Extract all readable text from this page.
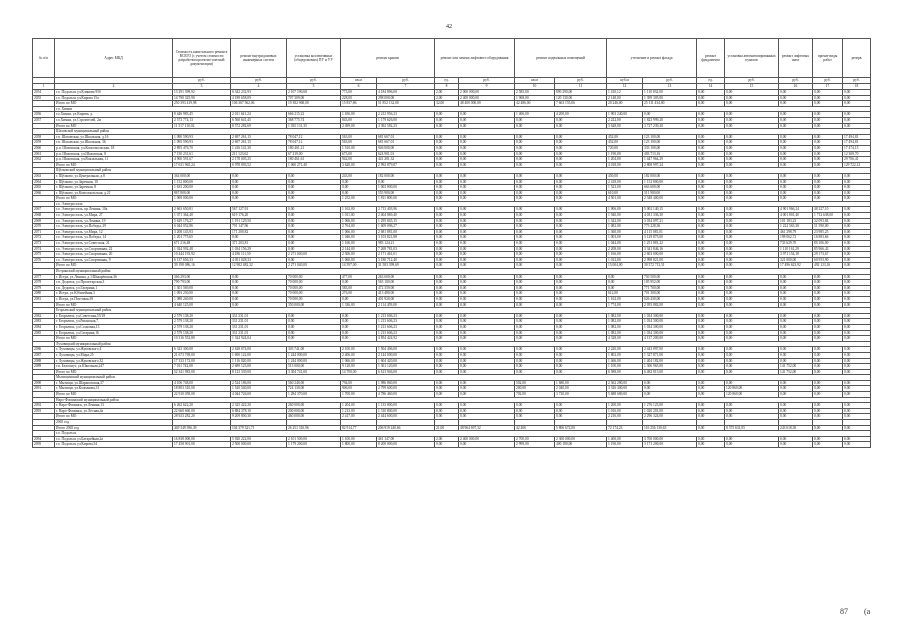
42
№ п/п	Адрес МКД	Стоимость капитального ремонта ВСЕГО (с учетом стоимости разработки проектно-сметной документации)	ремонт внутридомовых инженерных систем	установка коллективных (общедомовых) ПУ и УУ	ремонт крыши		ремонт или замена лифтового оборудования		ремонт подвальных помещений		утепление и ремонт фасада		ремонт фундамента	установка автоматизированных пунктов	ремонт лифтовых шахт	прочие виды работ	резерв
		руб.	руб.	руб.	кв.м	руб.	ед.	руб.	кв.м	руб.	куб.м	руб.	ед.	руб.	руб.	руб.	руб.
1	2	3	4	5	6	7	8	9	10	11	12	13	14	15	16	17	18
2054	г.о. Подольск ул.Клинова 95б	13 291 399,92	6 342 232,93	2 107 190,68	773,00	4 184 896,00	2,00	2 000 000,00	2 585,00	890 290,00	1 410,12	1 110 832,00	0,00	0,00	0,00	0,00	0,00
2055	г.о. Подольск ул.Кирова 15а	14 790 325,90	4 189 658,09	707 309,00	228,00	298 000,00	2,00	2 400 000,00	1 968,00	120 130,00	2 148,00	1 399 305,00	0,00	0,00	0,00	0,00	0,00
	Итого по МО	250 393 419,98	106 367 562,06	19 382 968,00	15 837,86	51 852 132,00	32,00	48 400 000,00	42 486,00	7 663 155,06	20 246,00	25 111 434,00	0,00	0,00	0,00	0,00	0,00
	г.о. Химки																
2056	г.о.Химки, ул.Кирова, д.	8 446 983,45	2 011 641,24	666 215,22	1 656,00	2 212 956,23	0,00	0,00	1 406,00	4 200,00	1 903 240,00	0,00	0,00	0,00	0,00	0,00	0,00
2057	г.о.Химки, ул.Строителей, 2м	2 573 774,13	6 560 641,45	368 775,74	843,00	1 179 626,00	0,00	0,00	0,00	0,00	2 222,00	1 823 999,20	0,00	0,00	0,00	0,00	0,00
	Итого по МО	11 517 110,02	8 572 282,69	1 035 131,35	2 499,00	3 392 582,23	0,00	0,00	0,00	0,00	3 628,00	3 727 239,20	0,00	0,00	0,00	0,00	0,00
	Шаховской муниципальный район																
2058	г.п. Шаховская, ул.Школьная, д.16	1 090 590,93	2 697 261,15	78 047,12	563,00	681 667,01	0,00	0,00	0,00	0,00	452,00	123 100,00	0,00	0,00	0,00	0,00	17 494,81
2059	г.п. Шаховская, ул.Школьная, 36	1 095 590,93	2 697 261,15	78 047,12	563,00	681 667,01	0,00	0,00	0,00	0,00	452,00	123 100,00	0,00	0,00	0,00	0,00	17 494,81
2060	р.п. Шаховская, ул.Комсомольская, 18	2 893 476,70	1 416 141,30	180 461,21	1 510,00	946 000,00	0,00	0,00	0,00	0,00	720,00	333 100,00	0,00	0,00	0,00	0,00	17 474,15
2061	р.п. Шаховская, ул.Шаховская, 8	7 150 231,61	211 123,62	67 219,00	673,00	624 901,01	0,00	0,00	0,00	0,00	1 190,00	403 713,16	0,00	0,00	0,00	0,00	12 369,70
2062	р.п. Шаховская, ул.Вокзальная, 11	4 900 591,67	2 178 005,25	180 461,61	942,00	441 281,32	0,00	0,00	0,00	0,00	1 204,00	1 447 964,29	0,00	0,00	0,00	0,00	29 706,41
	Итого по МО	17 631 965,24	6 978 093,52	1 060 271,40	3 620,00	2 992 879,87	0,00	0,00	0,00	0,00	4 018,00	2 808 997,24	0,00	0,00	0,00	0,00	129 722,12
	Щёлковский муниципальный район																
2063	г. Щёлково, ул.Центральная, д.8	364 000,00	0,00	0,00	243,00	182 000,00	0,00	0,00	0,00	0,00	450,00	182 000,00	0,00	0,00	0,00	0,00	0,00
2064	г. Щёлково, ул.Заречная, 10	1 152 800,00	0,00	0,00	0,00	0,00	0,00	0,00	0,00	0,00	2 418,00	1 152 800,00	0,00	0,00	0,00	0,00	0,00
2065	г. Щёлково, ул.Заречная, 8	1 633 200,00	0,00	0,00	0,00	1 063 800,00	0,00	0,00	0,00	0,00	1 523,00	663 600,00	0,00	0,00	0,00	0,00	0,00
2066	г. Щёлково, ул.Комсомольская, д.21	867 800,00	0,00	0,00	0,00	555 900,00	0,00	0,00	0,00	0,00	610,00	311 900,00	0,00	0,00	0,00	0,00	0,00
	Итого по МО	1 069 000,00	0,00	0,00	1 252,00	1 811 800,00	0,00	0,00	0,00	0,00	4 501,00	2 348 400,00	0,00	0,00	0,00	0,00	0,00
	г.о. Электросталь																
2067	г.о. Электросталь, пр.Ленина, 10а	2 663 650,81	567 127,91	0,00	1 162,00	2 713 403,96	0,00	0,00	0,00	0,00	1 906,00	5 002 140,15	0,00	0,00	4 901 966,24	48 227,10	0,00
2068	г.о. Электросталь, ул.Мира, 27	1 071 364,40	619 176,20	0,00	1 011,00	2 404 869,40	0,00	0,00	0,00	0,00	1 940,00	4 031 336,30	0,00	0,00	4 001 801,40	1 712 638,00	0,00
2069	г.о. Электросталь, ул.Ленина, 19	5 629 176,27	1 191 129,50	0,00	1 066,00	1 295 845,15	0,00	0,00	0,00	0,00	1 342,00	3 034 097,21	0,00	0,00	101 183,23	32 093,84	0,00
2070	г.о. Электросталь, ул.Победы, 29	6 044 052,86	791 147,96	0,00	2 764,00	1 609 096,27	0,00	0,00	0,00	0,00	1 082,00	773 228,36	0,00	0,00	1 222 563,30	51 590,00	0,00
2071	г.о. Электросталь, ул.Мира, 12	3 208 143,93	171 200,82	0,00	1 066,00	2 681 881,00	0,00	0,00	0,00	0,00	1 360,00	4 115 081,01	0,00	0,00	461 298,79	23 985,25	0,00
2072	г.о. Электросталь, ул.Победы, 14	1 201 775,65	0,00	0,00	1 046,00	3 103 821,88	0,00	0,00	0,00	0,00	1 003,00	3 129 875,00	0,00	0,00	198 062,72	16 883,66	0,00
2073	г.о. Электросталь, ул.Советская, 21	671 216,48	371 203,81	0,00	1 166,00	983 124,21	0,00	0,00	0,00	0,00	1 044,00	1 251 881,22	0,00	0,00	733 629,70	80 106,00	0,00
2074	г.о. Электросталь, ул.Спортивная, 22	1 024 592,48	1 034 156,29	0,00	2 144,00	7 269 781,03	0,00	0,00	0,00	0,00	2 208,00	3 341 846,16	0,00	0,00	1 110 161,29	85 966,43	0,00
2075	г.о. Электросталь, ул.Спортивная, 20	10 444 193,92	4 186 111,50	2 271 040,00	2 306,00	2 171 461,01	0,00	0,00	0,00	0,00	1 166,00	2 603 000,00	0,00	0,00	3 971 154,18	29 173,67	0,00
2076	г.о. Электросталь, ул.Спортивная, 9	6 137 656,33	4 051 028,33	0,00	1 060,00	3 180 712,40	0,00	0,00	0,00	0,00	1 012,00	2 998 821,00	0,00	0,00	321 000,00	60 953,90	0,00
	Итого по МО	39 198 086,16	12 982 482,32	2 271 040,00	14 597,00	31 583 399,69	0,00	0,00	0,00	0,00	15 004,00	30 572 713,51	0,00	0,00	17 496 623,92	492 123,16	0,00
	Истринский муниципальный район																
2077	г. Истра, ул.Ленина, д.1/Шнырёвская,36	366 293,00	0,00	70 000,00	477,00	263 600,00	0,00	0,00	0,00	0,00	0,00	750 500,00	0,00	0,00	0,00	0,00	0,00
2078	г.п. Дедовск, ул.Пролетарская,3	790 793,00	0,00	70 000,00	0,00	563 100,00	0,00	0,00	0,00	0,00	0,00	105 952,00	0,00	0,00	0,00	0,00	0,00
2079	г.п. Дедовск, ул.Гагарина,1	1 301 569,00	0,00	70 000,00	583,00	472 359,00	0,00	0,00	0,00	0,00	0,00	771 700,00	0,00	0,00	0,00	0,00	0,00
2080	г. Истра, ул.Юбилейная,3	1 093 230,00	0,00	70 000,00	276,00	413 480,00	0,00	0,00	0,00	0,00	612,00	701 300,00	0,00	0,00	0,00	0,00	0,00
2081	г. Истра, ул.Почтовая,38	1 088 240,00	0,00	70 000,00	0,00	401 920,00	0,00	0,00	0,00	0,00	1 162,00	626 430,00	0,00	0,00	0,00	0,00	0,00
	Итого по МО	4 640 125,00	0,00	350 000,00	1 336,00	2 114 459,00	0,00	0,00	0,00	0,00	1 774,00	2 955 882,00	0,00	0,00	0,00	0,00	0,00
	Егорьевский муниципальный район																
2082	г. Егорьевск, ул.Советская,55/18	2 579 138,20	331 231,01	0,00	0,00	1 213 606,23	0,00	0,00	0,00	0,00	1 082,00	1 034 300,00	0,00	0,00	0,00	0,00	0,00
2083	г. Егорьевск, ул.Рязанская,7	2 579 138,20	331 231,01	0,00	0,00	1 213 606,23	0,00	0,00	0,00	0,00	1 082,00	1 034 300,00	0,00	0,00	0,00	0,00	0,00
2084	г. Егорьевск, ул.Сосновая,13	2 579 138,20	331 231,01	0,00	0,00	1 213 606,23	0,00	0,00	0,00	0,00	1 082,00	1 034 300,00	0,00	0,00	0,00	0,00	0,00
2085	г. Егорьевск, ул.Гагарина,16	2 579 138,20	331 231,01	0,00	0,00	1 213 606,23	0,00	0,00	0,00	0,00	1 082,00	1 034 300,00	0,00	0,00	0,00	0,00	0,00
	Итого по МО	10 316 552,80	1 324 924,04	0,00	0,00	4 854 424,92	0,00	0,00	0,00	0,00	4 328,00	4 137 200,00	0,00	0,00	0,00	0,00	0,00
	Луховицкий муниципальный район																
2086	г. Луховицы, ул.Жуковского,4	6 323 300,00	2 628 074,00	303 741,00	2 100,00	1 504 406,00	0,00	0,00	0,00	0,00	2 220,00	2 443 897,00	0,00	0,00	0,00	0,00	0,00
2087	г. Луховицы, ул.Мира,25	21 673 769,00	1 690 122,00	1 244 000,00	2 406,00	2 144 000,00	0,00	0,00	0,00	0,00	1 802,00	1 327 871,00	0,00	0,00	0,00	0,00	0,00
2088	г. Луховицы, ул.Жуковского,32	17 333 172,00	1 116 020,00	1 244 000,00	1 066,00	1 604 420,00	0,00	0,00	0,00	0,00	1 466,00	1 404 182,00	0,00	0,00	0,00	0,00	0,00
2089	г.п. Белоомут, ул.Школьная,247	7 011 742,00	2 689 123,00	513 000,00	9 128,00	1 361 120,00	0,00	0,00	0,00	0,00	1 100,00	1 306 965,00	0,00	0,00	141 752,00	0,00	0,00
	Итого по МО	52 341 983,00	8 123 339,00	3 304 741,00	14 700,00	6 613 946,00	0,00	0,00	0,00	0,00	6 588,00	6 482 915,00	0,00	0,00	141 752,00	0,00	0,00
	Мытищинский муниципальный район																
2090	г. Мытищи, ул.Шараповская,37	4 106 748,00	2 524 186,00	560 240,00	794,00	1 986 860,00	0,00	0,00	502,00	1 680,00	2 362 280,00	0,00	0,00	0,00	0,00	0,00	0,00
2091	г. Мытищи, ул.Колпакова,31	18 803 310,00	1 520 540,00	724 130,00	906,00	2 799 600,00	0,00	0,00	200,00	2 040,00	3 326 400,00	0,00	0,00	120 860,00	0,00	0,00	0,00
	Итого по МО	22 910 058,00	4 044 726,00	1 284 370,00	1 700,00	4 786 460,00	0,00	0,00	702,00	3 720,00	5 688 680,00	0,00	0,00	120 860,00	0,00	0,00	0,00
	Наро-Фоминский муниципальный район																
2092	г. Наро-Фоминск, ул.Ленина,13	6 262 622,20	2 325 422,20	260 000,00	1 204,00	1 133 800,00	0,00	0,00	0,00	0,00	1 200,00	1 276 123,00	0,00	0,00	0,00	0,00	0,00
2093	г. Наро-Фоминск, ул.Лесная,4а	22 660 660,00	6 884 378,10	200 000,00	1 213,00	1 310 800,00	0,00	0,00	0,00	0,00	1 016,00	1 020 201,00	0,00	0,00	0,00	0,00	0,00
	Итого по МО	28 923 282,20	9 209 800,30	460 000,00	2 417,00	2 444 600,00	0,00	0,00	0,00	0,00	2 216,00	2 296 324,00	0,00	0,00	0,00	0,00	0,00
	2065 год																
	Итого 2065 год	449 349 396,39	104 379 321,71	26 251 316,96	82 914,77	206 919 240,66	21,00	48 964 697,32	42 406	5 806 672,00	72 174,23	116 256 130,65	0,00	8 375 631,05	243 618,30	0,00	0,00
	г.о. Подольск																
2094	г.о. Подольск ул.Батарейная,2а	16 838 000,00	5 920 222,00	2 101 500,00	1 100,00	461 147,00	2,00	2 400 000,00	2 700,00	2 300 000,00	1 400,00	3 700 000,00	0,00	0,00	0,00	0,00	0,00
2095	г.о. Подольск ул.Кирова,54	17 458 901,00	2 500 000,00	1 179 200,00	1 800,00	8 200 000,00	0,00	0,00	2 999,00	400 180,00	1 190,00	3 171 200,00	0,00	0,00	0,00	0,00	0,00
87 (a
